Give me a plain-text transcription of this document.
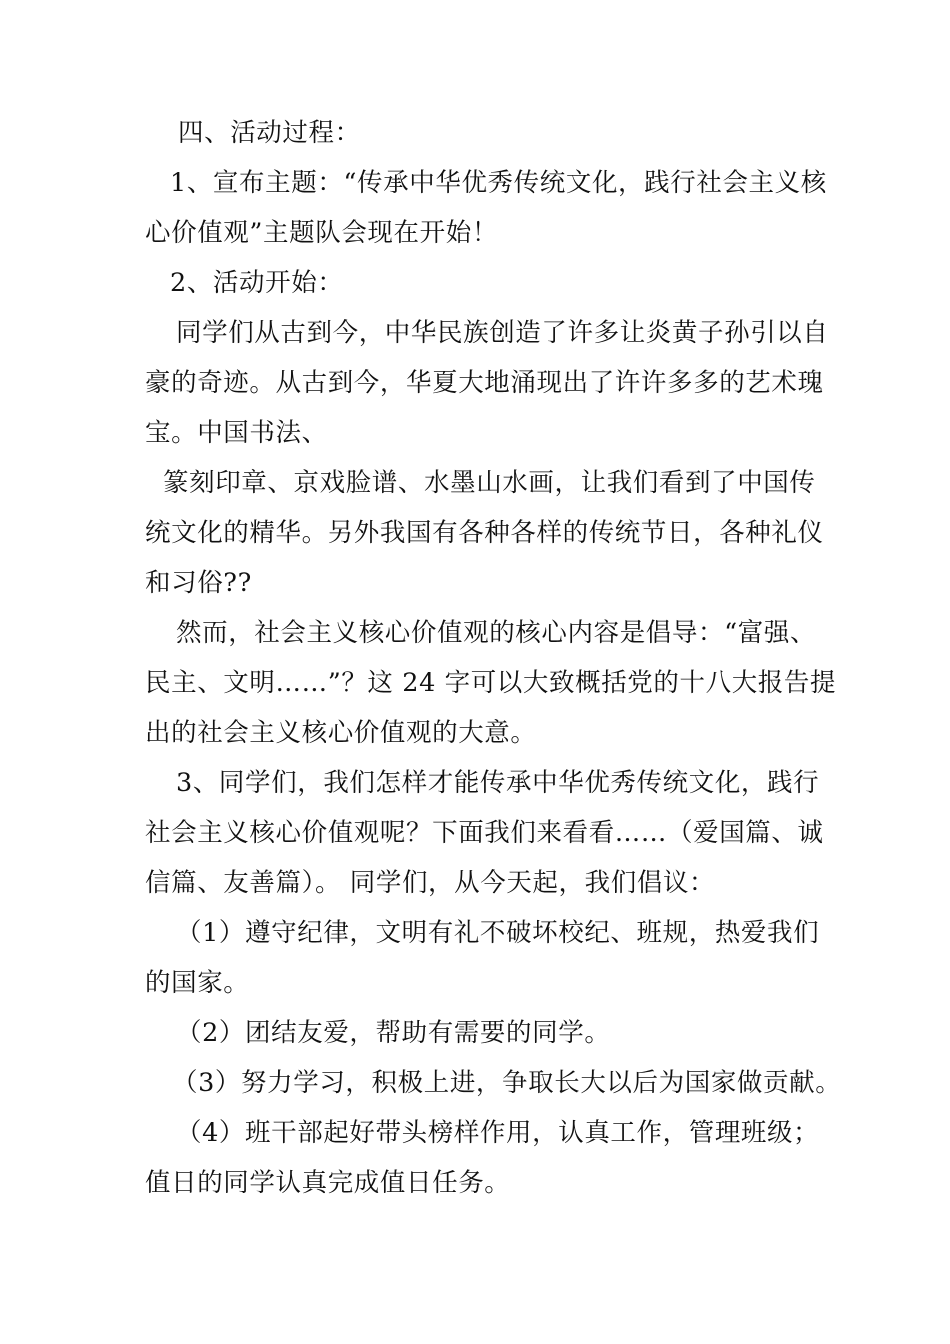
四、活动过程：
1、宣布主题：“传承中华优秀传统文化，践行社会主义核
心价值观”主题队会现在开始！
2、活动开始：
同学们从古到今，中华民族创造了许多让炎黄子孙引以自
豪的奇迹。从古到今，华夏大地涌现出了许许多多的艺术瑰
宝。中国书法、
篆刻印章、京戏脸谱、水墨山水画，让我们看到了中国传
统文化的精华。另外我国有各种各样的传统节日，各种礼仪
和习俗??
然而，社会主义核心价值观的核心内容是倡导：“富强、
民主、文明……”？这 24 字可以大致概括党的十八大报告提
出的社会主义核心价值观的大意。
3、同学们，我们怎样才能传承中华优秀传统文化，践行
社会主义核心价值观呢？下面我们来看看……（爱国篇、诚
信篇、友善篇）。 同学们，从今天起，我们倡议：
（1）遵守纪律，文明有礼不破坏校纪、班规，热爱我们
的国家。
（2）团结友爱，帮助有需要的同学。
（3）努力学习，积极上进，争取长大以后为国家做贡献。
（4）班干部起好带头榜样作用，认真工作，管理班级；
值日的同学认真完成值日任务。
